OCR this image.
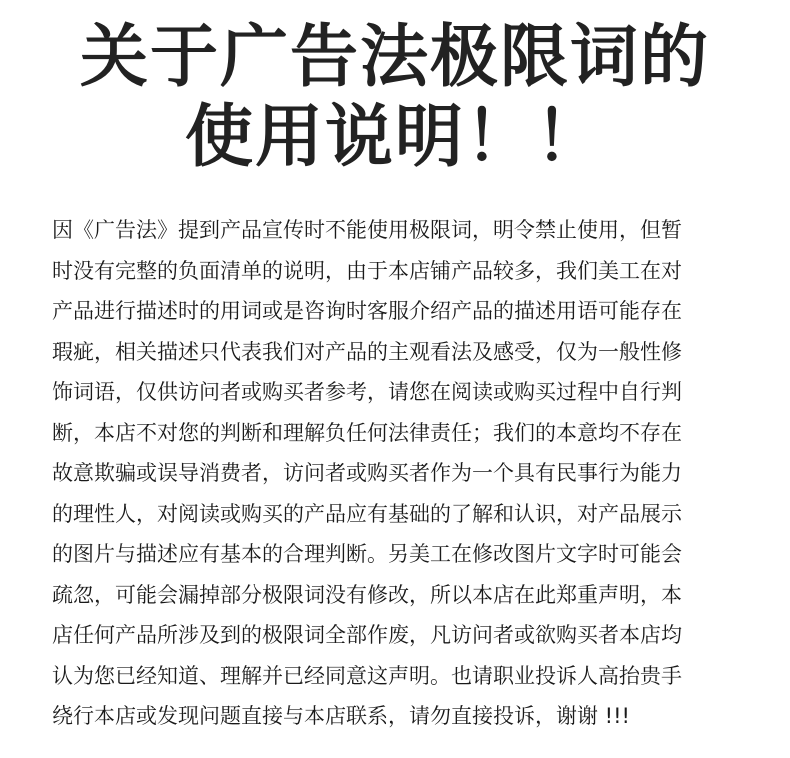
关于广告法极限词的
使用说明！！
因《广告法》提到产品宣传时不能使用极限词，明令禁止使用，但暂
时没有完整的负面清单的说明，由于本店铺产品较多，我们美工在对
产品进行描述时的用词或是咨询时客服介绍产品的描述用语可能存在
瑕疵，相关描述只代表我们对产品的主观看法及感受，仅为一般性修
饰词语，仅供访问者或购买者参考，请您在阅读或购买过程中自行判
断，本店不对您的判断和理解负任何法律责任；我们的本意均不存在
故意欺骗或误导消费者，访问者或购买者作为一个具有民事行为能力
的理性人，对阅读或购买的产品应有基础的了解和认识，对产品展示
的图片与描述应有基本的合理判断。另美工在修改图片文字时可能会
疏忽，可能会漏掉部分极限词没有修改，所以本店在此郑重声明，本
店任何产品所涉及到的极限词全部作废，凡访问者或欲购买者本店均
认为您已经知道、理解并已经同意这声明。也请职业投诉人高抬贵手
绕行本店或发现问题直接与本店联系，请勿直接投诉，谢谢 !!!
